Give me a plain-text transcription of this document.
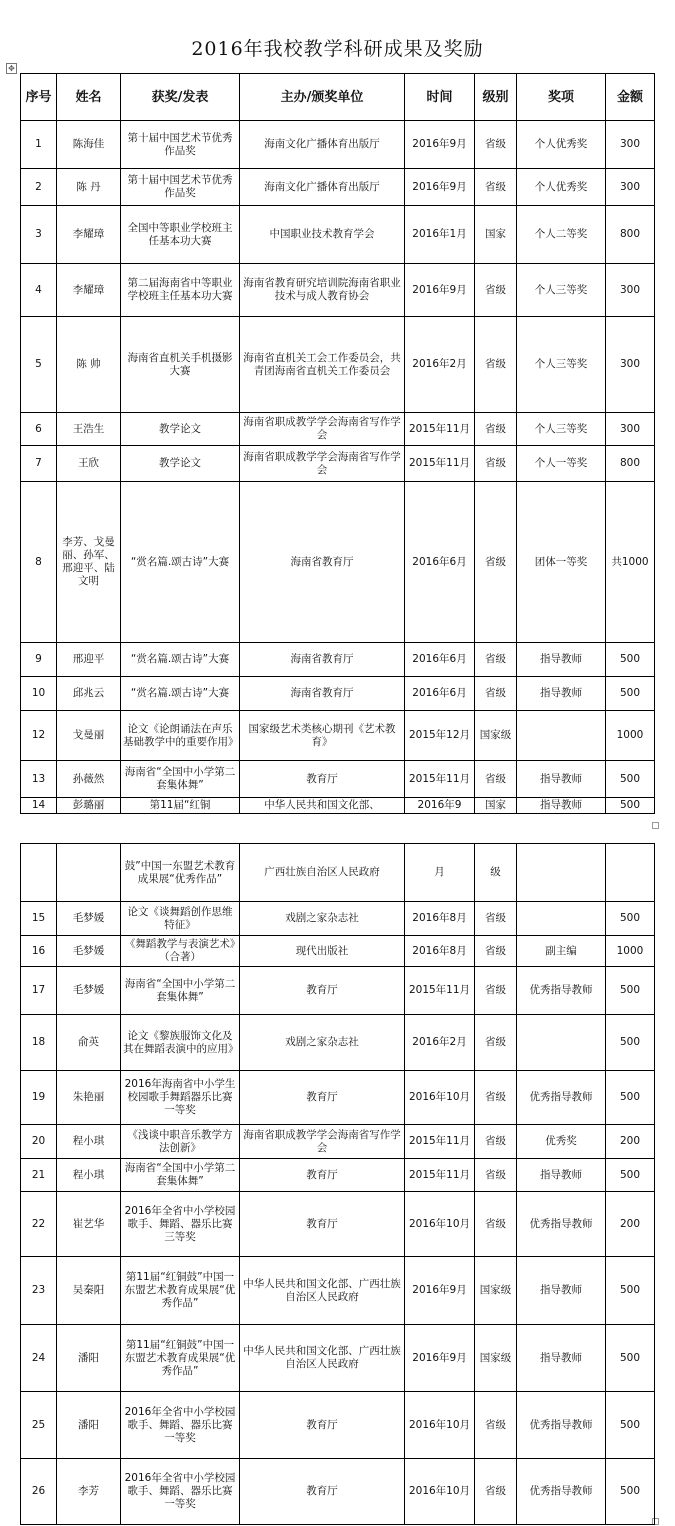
2016年我校教学科研成果及奖励
✥
序号	姓名	获奖/发表	主办/颁奖单位	时间	级别	奖项	金额
1	陈海佳	第十届中国艺术节优秀作品奖	海南文化广播体育出版厅	2016年9月	省级	个人优秀奖	300
2	陈 丹	第十届中国艺术节优秀作品奖	海南文化广播体育出版厅	2016年9月	省级	个人优秀奖	300
3	李耀璋	全国中等职业学校班主任基本功大赛	中国职业技术教育学会	2016年1月	国家	个人二等奖	800
4	李耀璋	第二届海南省中等职业学校班主任基本功大赛	海南省教育研究培训院海南省职业技术与成人教育协会	2016年9月	省级	个人三等奖	300
5	陈 帅	海南省直机关手机摄影大赛	海南省直机关工会工作委员会，共青团海南省直机关工作委员会	2016年2月	省级	个人三等奖	300
6	王浩生	教学论文	海南省职成教学学会海南省写作学会	2015年11月	省级	个人三等奖	300
7	王欣	教学论文	海南省职成教学学会海南省写作学会	2015年11月	省级	个人一等奖	800
8	李芳、戈曼丽、孙军、邢迎平、陆文明	“赏名篇.颂古诗”大赛	海南省教育厅	2016年6月	省级	团体一等奖	共1000
9	邢迎平	“赏名篇.颂古诗”大赛	海南省教育厅	2016年6月	省级	指导教师	500
10	邱兆云	“赏名篇.颂古诗”大赛	海南省教育厅	2016年6月	省级	指导教师	500
12	戈曼丽	论文《论朗诵法在声乐基础教学中的重要作用》	国家级艺术类核心期刊《艺术教育》	2015年12月	国家级		1000
13	孙薇然	海南省“全国中小学第二套集体舞”	教育厅	2015年11月	省级	指导教师	500
14	彭璐丽	第11届“红铜	中华人民共和国文化部、	2016年9	国家	指导教师	500
		鼓”中国一东盟艺术教育成果展“优秀作品”	广西壮族自治区人民政府	月	级		
15	毛梦媛	论文《谈舞蹈创作思维特征》	戏剧之家杂志社	2016年8月	省级		500
16	毛梦媛	《舞蹈教学与表演艺术》（合著）	现代出版社	2016年8月	省级	副主编	1000
17	毛梦媛	海南省“全国中小学第二套集体舞”	教育厅	2015年11月	省级	优秀指导教师	500
18	俞英	论文《黎族服饰文化及其在舞蹈表演中的应用》	戏剧之家杂志社	2016年2月	省级		500
19	朱艳丽	2016年海南省中小学生校园歌手舞蹈器乐比赛一等奖	教育厅	2016年10月	省级	优秀指导教师	500
20	程小琪	《浅谈中职音乐教学方法创新》	海南省职成教学学会海南省写作学会	2015年11月	省级	优秀奖	200
21	程小琪	海南省“全国中小学第二套集体舞”	教育厅	2015年11月	省级	指导教师	500
22	崔艺华	2016年全省中小学校园歌手、舞蹈、器乐比赛三等奖	教育厅	2016年10月	省级	优秀指导教师	200
23	吴秦阳	第11届“红铜鼓”中国一东盟艺术教育成果展“优秀作品”	中华人民共和国文化部、广西壮族自治区人民政府	2016年9月	国家级	指导教师	500
24	潘阳	第11届“红铜鼓”中国一东盟艺术教育成果展“优秀作品”	中华人民共和国文化部、广西壮族自治区人民政府	2016年9月	国家级	指导教师	500
25	潘阳	2016年全省中小学校园歌手、舞蹈、器乐比赛一等奖	教育厅	2016年10月	省级	优秀指导教师	500
26	李芳	2016年全省中小学校园歌手、舞蹈、器乐比赛一等奖	教育厅	2016年10月	省级	优秀指导教师	500
